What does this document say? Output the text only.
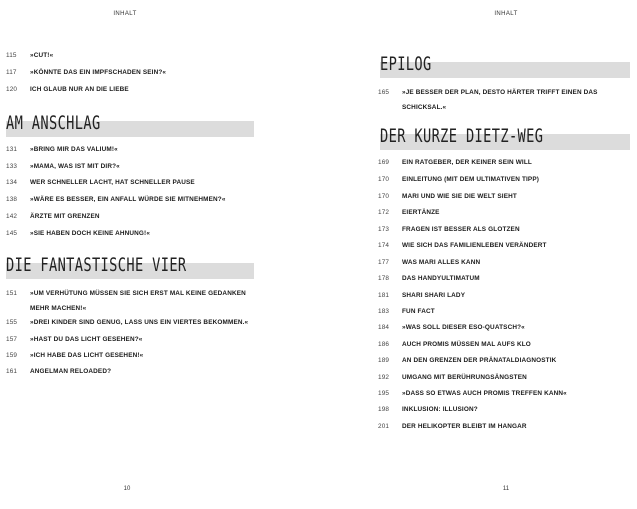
INHALT
115 »CUT!«
117 »KÖNNTE DAS EIN IMPFSCHADEN SEIN?«
120 ICH GLAUB NUR AN DIE LIEBE
AM ANSCHLAG
131 »BRING MIR DAS VALIUM!«
133 »MAMA, WAS IST MIT DIR?«
134 WER SCHNELLER LACHT, HAT SCHNELLER PAUSE
138 »WÄRE ES BESSER, EIN ANFALL WÜRDE SIE MITNEHMEN?«
142 ÄRZTE MIT GRENZEN
145 »SIE HABEN DOCH KEINE AHNUNG!«
DIE FANTASTISCHE VIER
151 »UM VERHÜTUNG MÜSSEN SIE SICH ERST MAL KEINE GEDANKEN
MEHR MACHEN!«
155 »DREI KINDER SIND GENUG, LASS UNS EIN VIERTES BEKOMMEN.«
157 »HAST DU DAS LICHT GESEHEN?«
159 »ICH HABE DAS LICHT GESEHEN!«
161 ANGELMAN RELOADED?
10
INHALT
EPILOG
165 »JE BESSER DER PLAN, DESTO HÄRTER TRIFFT EINEN DAS
SCHICKSAL.«
DER KURZE DIETZ-WEG
169 EIN RATGEBER, DER KEINER SEIN WILL
170 EINLEITUNG (MIT DEM ULTIMATIVEN TIPP)
170 MARI UND WIE SIE DIE WELT SIEHT
172 EIERTÄNZE
173 FRAGEN IST BESSER ALS GLOTZEN
174 WIE SICH DAS FAMILIENLEBEN VERÄNDERT
177 WAS MARI ALLES KANN
178 DAS HANDYULTIMATUM
181 SHARI SHARI LADY
183 FUN FACT
184 »WAS SOLL DIESER ESO-QUATSCH?«
186 AUCH PROMIS MÜSSEN MAL AUFS KLO
189 AN DEN GRENZEN DER PRÄNATALDIAGNOSTIK
192 UMGANG MIT BERÜHRUNGSÄNGSTEN
195 »DASS SO ETWAS AUCH PROMIS TREFFEN KANN«
198 INKLUSION: ILLUSION?
201 DER HELIKOPTER BLEIBT IM HANGAR
11
